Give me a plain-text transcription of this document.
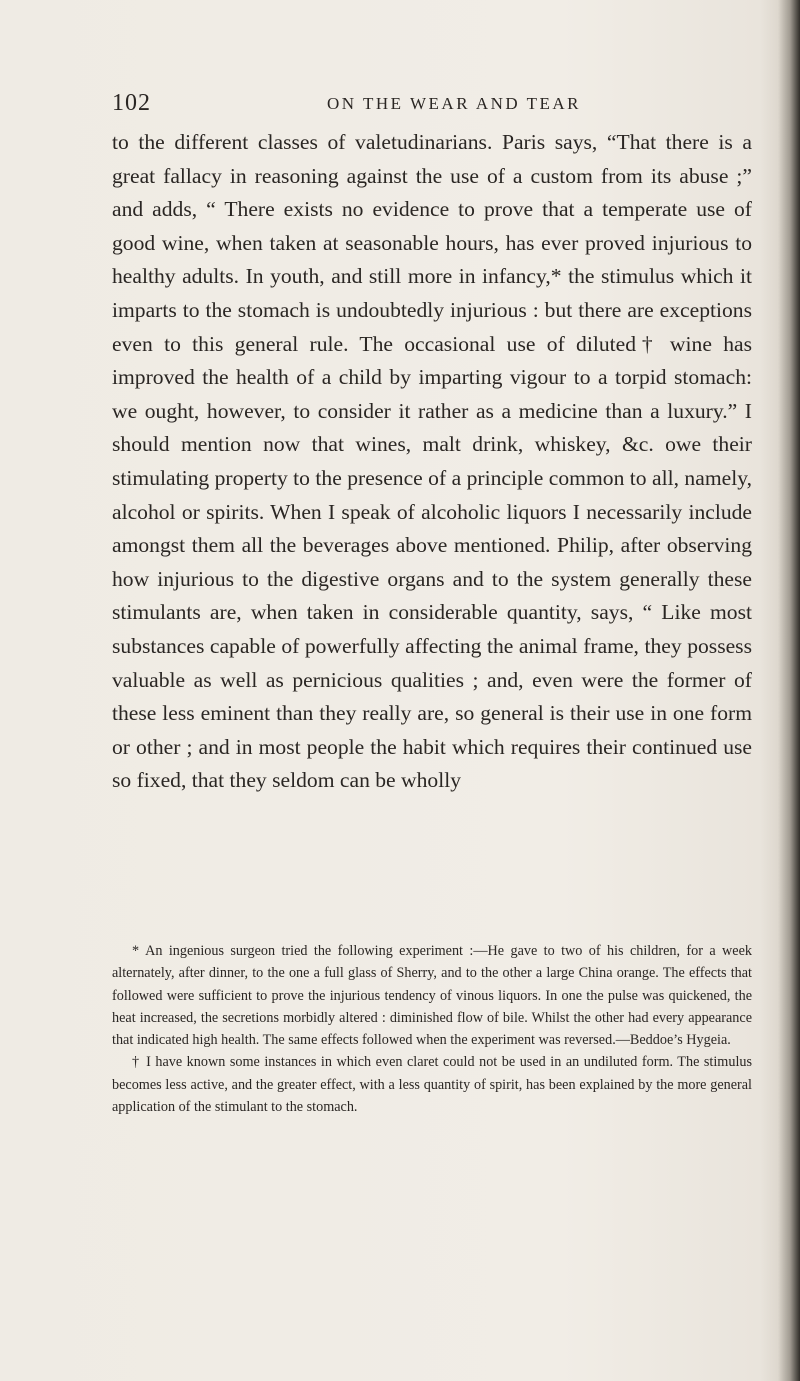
102	ON THE WEAR AND TEAR

to the different classes of valetudinarians. Paris says, “That there is a great fallacy in reasoning against the use of a custom from its abuse ;” and adds, “ There exists no evidence to prove that a temperate use of good wine, when taken at seasonable hours, has ever proved injurious to healthy adults. In youth, and still more in infancy,* the stimulus which it imparts to the stomach is undoubtedly injurious : but there are exceptions even to this general rule. The occasional use of diluted† wine has improved the health of a child by imparting vigour to a torpid stomach: we ought, however, to consider it rather as a medicine than a luxury.” I should mention now that wines, malt drink, whiskey, &c. owe their stimulating property to the presence of a principle common to all, namely, alcohol or spirits. When I speak of alcoholic liquors I necessarily include amongst them all the beverages above mentioned. Philip, after observing how injurious to the digestive organs and to the system generally these stimulants are, when taken in considerable quantity, says, “ Like most substances capable of powerfully affecting the animal frame, they possess valuable as well as pernicious qualities ; and, even were the former of these less eminent than they really are, so general is their use in one form or other ; and in most people the habit which requires their continued use so fixed, that they seldom can be wholly

* An ingenious surgeon tried the following experiment :—He gave to two of his children, for a week alternately, after dinner, to the one a full glass of Sherry, and to the other a large China orange. The effects that followed were sufficient to prove the injurious tendency of vinous liquors. In one the pulse was quickened, the heat increased, the secretions morbidly altered : diminished flow of bile. Whilst the other had every appearance that indicated high health. The same effects followed when the experiment was reversed.—Beddoe’s Hygeia.

† I have known some instances in which even claret could not be used in an undiluted form. The stimulus becomes less active, and the greater effect, with a less quantity of spirit, has been explained by the more general application of the stimulant to the stomach.
